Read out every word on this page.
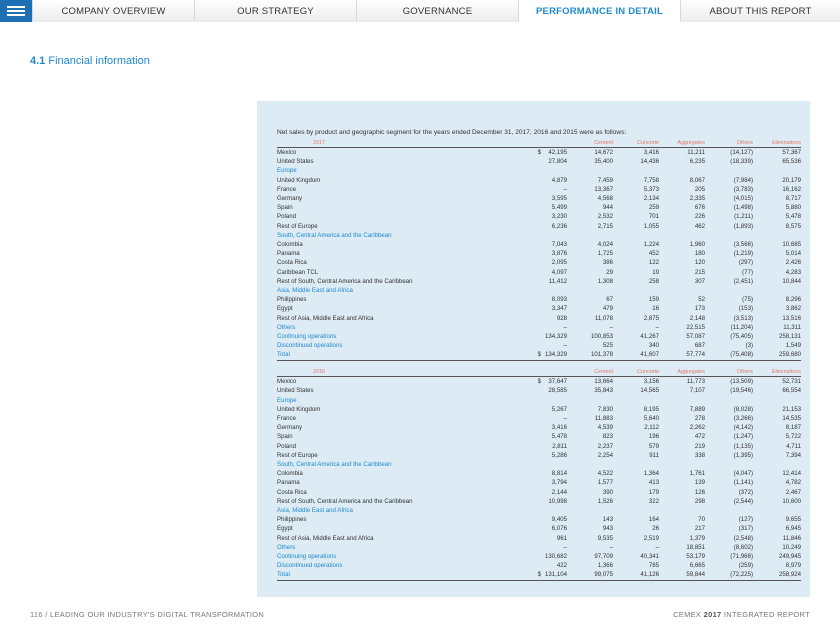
COMPANY OVERVIEW	OUR STRATEGY	GOVERNANCE	PERFORMANCE IN DETAIL	ABOUT THIS REPORT
4.1 Financial information
Net sales by product and geographic segment for the years ended December 31, 2017, 2016 and 2015 were as follows:
2017			Cement	Concrete	Aggregates	Others	Eliminations	
Mexico	$	42,195	14,672	3,416	11,211	(14,127)	57,367	
United States		27,804	35,400	14,436	6,235	(18,339)	65,536	
Europe								
United Kingdom		4,879	7,459	7,758	8,067	(7,984)	20,179	
France		–	13,367	5,373	205	(3,783)	16,162	
Germany		3,595	4,568	2,134	2,335	(4,015)	8,717	
Spain		5,499	944	259	676	(1,498)	5,880	
Poland		3,230	2,532	701	226	(1,211)	5,478	
Rest of Europe		6,236	2,715	1,055	462	(1,893)	8,575	
South, Central America and the Caribbean								
Colombia		7,043	4,024	1,224	1,960	(3,566)	10,685	
Panama		3,876	1,725	452	180	(1,219)	5,014	
Costa Rica		2,095	386	122	120	(297)	2,426	
Caribbean TCL		4,097	29	19	215	(77)	4,283	
Rest of South, Central America and the Caribbean		11,412	1,308	258	307	(2,451)	10,844	
Asia, Middle East and Africa								
Philippines		8,093	67	159	52	(75)	8,296	
Egypt		3,347	479	16	173	(153)	3,862	
Rest of Asia, Middle East and Africa		928	11,078	2,875	2,148	(3,513)	13,516	
Others		–	–	–	22,515	(11,204)	11,311	
Continuing operations		134,329	100,853	41,267	57,087	(75,405)	258,131	
Discontinued operations		–	525	340	687	(3)	1,549	
Total	$	134,329	101,378	41,607	57,774	(75,408)	259,680	

2016			Cement	Concrete	Aggregates	Others	Eliminations	
Mexico	$	37,647	13,664	3,156	11,773	(13,509)	52,731	
United States		28,585	35,843	14,565	7,107	(19,546)	66,554	
Europe								
United Kingdom		5,267	7,830	8,195	7,889	(8,028)	21,153	
France		–	11,883	5,640	278	(3,266)	14,535	
Germany		3,416	4,539	2,112	2,262	(4,142)	8,187	
Spain		5,478	823	196	472	(1,247)	5,722	
Poland		2,811	2,237	579	219	(1,135)	4,711	
Rest of Europe		5,286	2,254	911	338	(1,395)	7,394	
South, Central America and the Caribbean								
Colombia		8,814	4,522	1,364	1,761	(4,047)	12,414	
Panama		3,794	1,577	413	139	(1,141)	4,782	
Costa Rica		2,144	390	179	126	(372)	2,467	
Rest of South, Central America and the Caribbean		10,998	1,526	322	298	(2,544)	10,600	
Asia, Middle East and Africa								
Philippines		9,405	143	164	70	(127)	9,655	
Egypt		6,076	943	26	217	(317)	6,945	
Rest of Asia, Middle East and Africa		961	9,535	2,519	1,379	(2,548)	11,846	
Others		–	–	–	18,851	(8,602)	10,249	
Continuing operations		130,682	97,709	40,341	53,179	(71,966)	249,945	
Discontinued operations		422	1,366	785	6,665	(259)	8,979	
Total	$	131,104	99,075	41,126	59,844	(72,225)	258,924	
116 / LEADING OUR INDUSTRY'S DIGITAL TRANSFORMATION	CEMEX 2017 INTEGRATED REPORT
